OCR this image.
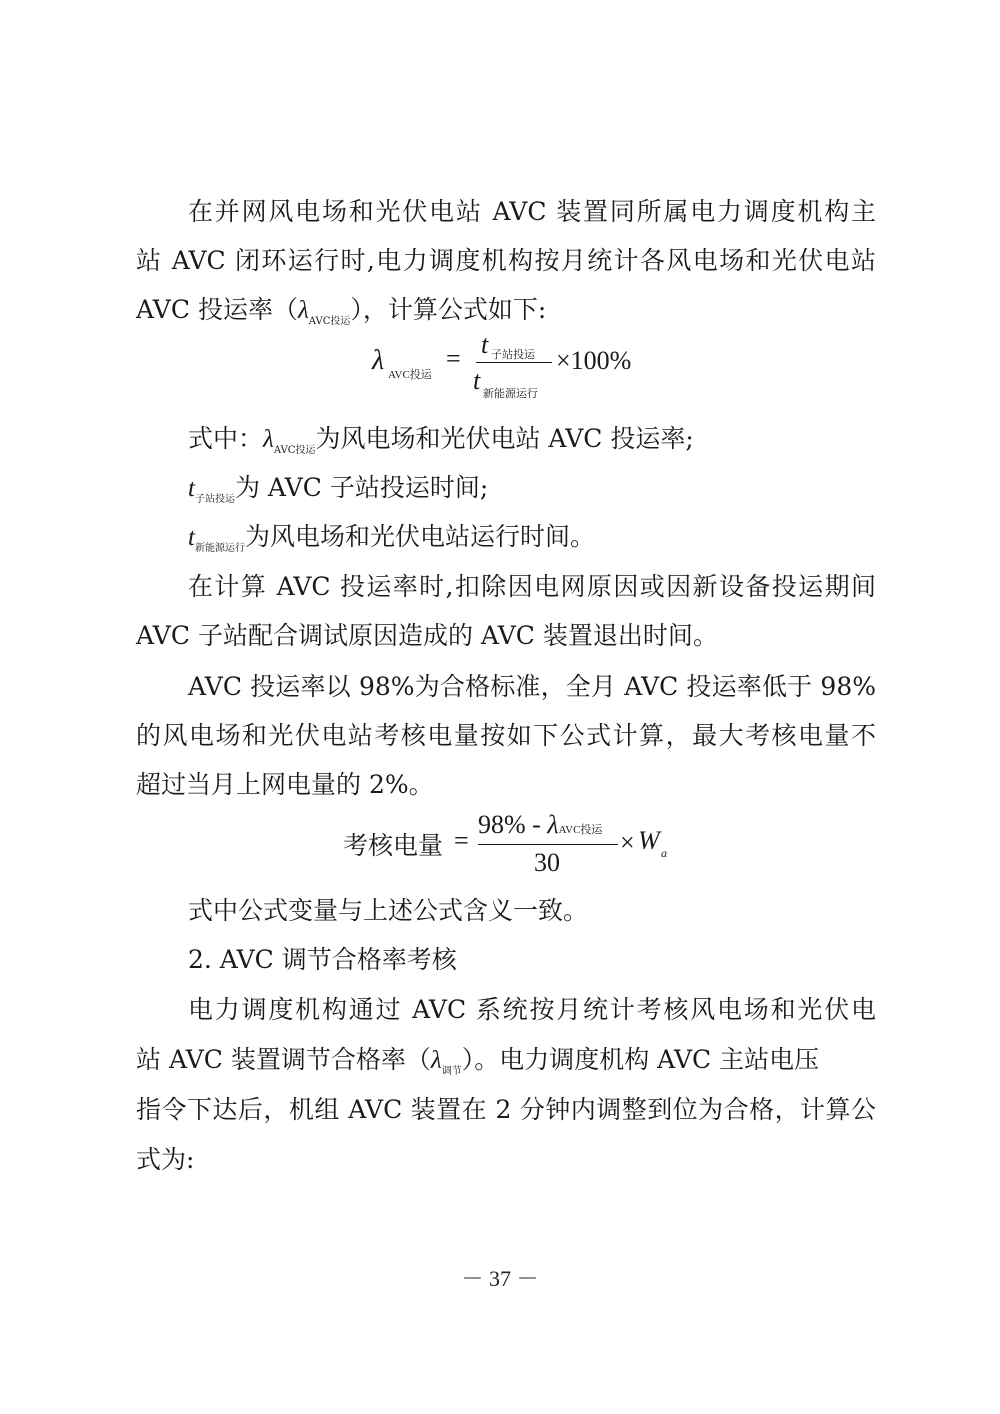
在并网风电场和光伏电站 AVC 装置同所属电力调度机构主
站 AVC 闭环运行时,电力调度机构按月统计各风电场和光伏电站
AVC 投运率$(\lambda_{AVC投运})$，计算公式如下:
λ AVC投运
= t 子站投运
t 新能源运行
×100%
式中：$\lambda_{AVC投运}$为风电场和光伏电站 AVC 投运率;
$t_{子站投运}$为 AVC 子站投运时间;
$t_{新能源运行}$为风电场和光伏电站运行时间。
在计算 AVC 投运率时,扣除因电网原因或因新设备投运期间
AVC 子站配合调试原因造成的 AVC 装置退出时间。
AVC 投运率以 98%为合格标准，全月 AVC 投运率低于 98%
的风电场和光伏电站考核电量按如下公式计算，最大考核电量不
超过当月上网电量的 2%。
考核电量 =
98% - λAVC投运
30
× W a
式中公式变量与上述公式含义一致。
2. AVC 调节合格率考核
电力调度机构通过 AVC 系统按月统计考核风电场和光伏电
站 AVC 装置调节合格率$(\lambda_{调节})$。电力调度机构 AVC 主站电压
指令下达后，机组 AVC 装置在 2 分钟内调整到位为合格，计算公
式为:
－ 37 －
